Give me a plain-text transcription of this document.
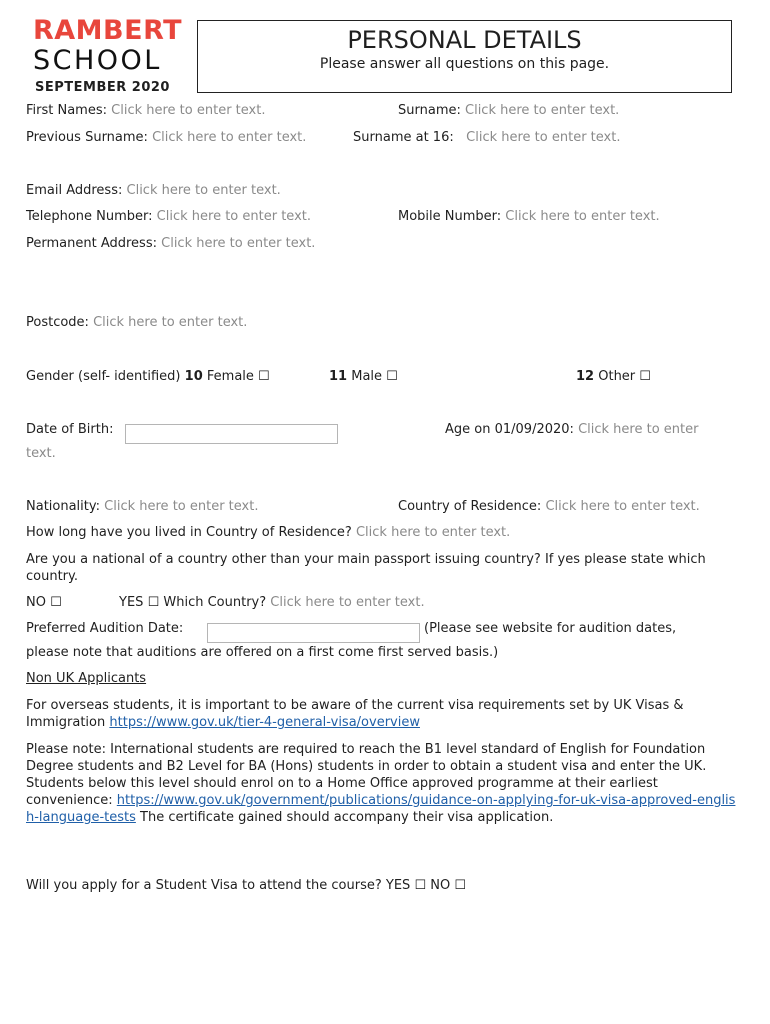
RAMBERT
SCHOOL
SEPTEMBER 2020
PERSONAL DETAILS
Please answer all questions on this page.
First Names: Click here to enter text.	Surname: Click here to enter text.
Previous Surname: Click here to enter text.	Surname at 16: Click here to enter text.
Email Address: Click here to enter text.
Telephone Number: Click here to enter text.	Mobile Number: Click here to enter text.
Permanent Address: Click here to enter text.
Postcode: Click here to enter text.
Gender (self- identified) 10 Female ☐	11 Male ☐	12 Other ☐
Date of Birth:	Age on 01/09/2020: Click here to enter
text.
Nationality: Click here to enter text.	Country of Residence: Click here to enter text.
How long have you lived in Country of Residence? Click here to enter text.
Are you a national of a country other than your main passport issuing country? If yes please state which country.
NO ☐	YES ☐ Which Country? Click here to enter text.
Preferred Audition Date:	(Please see website for audition dates,
please note that auditions are offered on a first come first served basis.)
Non UK Applicants
For overseas students, it is important to be aware of the current visa requirements set by UK Visas & Immigration https://www.gov.uk/tier-4-general-visa/overview
Please note: International students are required to reach the B1 level standard of English for Foundation Degree students and B2 Level for BA (Hons) students in order to obtain a student visa and enter the UK. Students below this level should enrol on to a Home Office approved programme at their earliest convenience: https://www.gov.uk/government/publications/guidance-on-applying-for-uk-visa-approved-english-language-tests The certificate gained should accompany their visa application.
Will you apply for a Student Visa to attend the course? YES ☐ NO ☐
